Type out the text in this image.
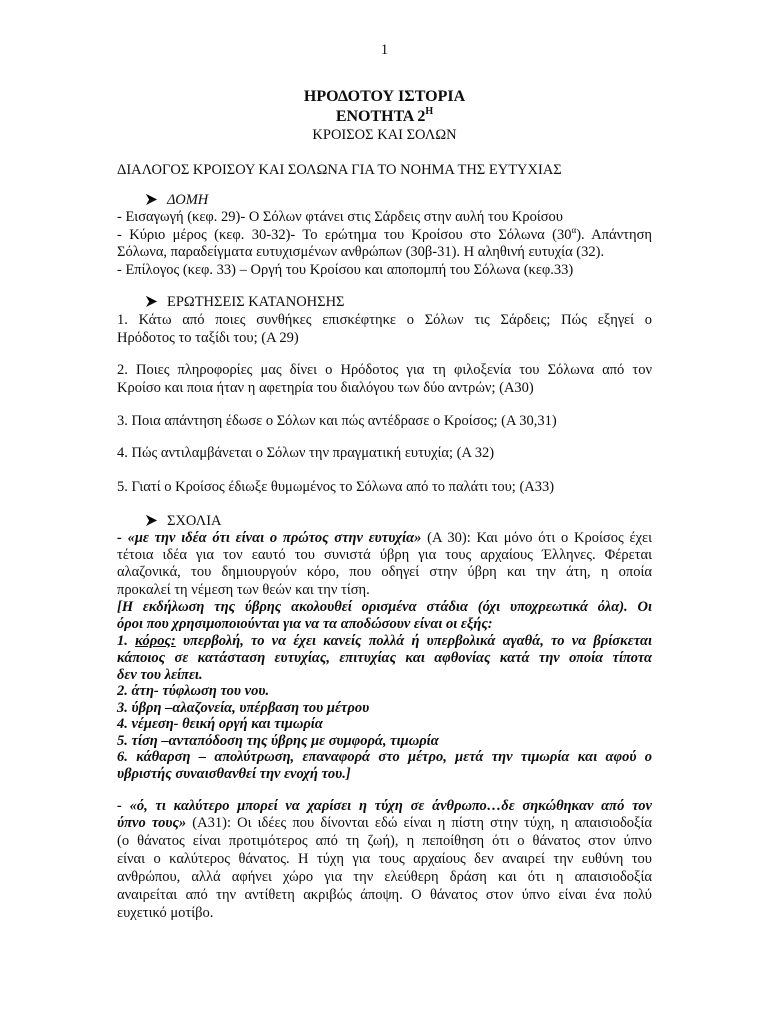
1
ΗΡΟΔΟΤΟΥ ΙΣΤΟΡΙΑ
ΕΝΟΤΗΤΑ $2^H$
ΚΡΟΙΣΟΣ ΚΑΙ ΣΟΛΩΝ
ΔΙΑΛΟΓΟΣ ΚΡΟΙΣΟΥ ΚΑΙ ΣΟΛΩΝΑ ΓΙΑ ΤΟ ΝΟΗΜΑ ΤΗΣ ΕΥΤΥΧΙΑΣ
ΔΟΜΗ
- Εισαγωγή (κεφ. 29)- Ο Σόλων φτάνει στις Σάρδεις στην αυλή του Κροίσου
- Κύριο μέρος (κεφ. 30-32)- Το ερώτημα του Κροίσου στο Σόλωνα $(30^\alpha)$. Απάντηση
Σόλωνα, παραδείγματα ευτυχισμένων ανθρώπων (30β-31). Η αληθινή ευτυχία (32).
- Επίλογος (κεφ. 33) – Οργή του Κροίσου και αποπομπή του Σόλωνα (κεφ.33)
ΕΡΩΤΗΣΕΙΣ ΚΑΤΑΝΟΗΣΗΣ
1. Κάτω από ποιες συνθήκες επισκέφτηκε ο Σόλων τις Σάρδεις; Πώς εξηγεί ο
Ηρόδοτος το ταξίδι του; (Α 29)
2. Ποιες πληροφορίες μας δίνει ο Ηρόδοτος για τη φιλοξενία του Σόλωνα από τον
Κροίσο και ποια ήταν η αφετηρία του διαλόγου των δύο αντρών; (Α30)
3. Ποια απάντηση έδωσε ο Σόλων και πώς αντέδρασε ο Κροίσος; (Α 30,31)
4. Πώς αντιλαμβάνεται ο Σόλων την πραγματική ευτυχία; (Α 32)
5. Γιατί ο Κροίσος έδιωξε θυμωμένος το Σόλωνα από το παλάτι του; (Α33)
ΣΧΟΛΙΑ
- «με την ιδέα ότι είναι ο πρώτος στην ευτυχία» (Α 30): Και μόνο ότι ο Κροίσος έχει
τέτοια ιδέα για τον εαυτό του συνιστά ύβρη για τους αρχαίους Έλληνες. Φέρεται
αλαζονικά, του δημιουργούν κόρο, που οδηγεί στην ύβρη και την άτη, η οποία
προκαλεί τη νέμεση των θεών και την τίση.
[Η εκδήλωση της ύβρης ακολουθεί ορισμένα στάδια (όχι υποχρεωτικά όλα). Οι
όροι που χρησιμοποιούνται για να τα αποδώσουν είναι οι εξής:
1. κόρος: υπερβολή, το να έχει κανείς πολλά ή υπερβολικά αγαθά, το να βρίσκεται
κάποιος σε κατάσταση ευτυχίας, επιτυχίας και αφθονίας κατά την οποία τίποτα
δεν του λείπει.
2. άτη- τύφλωση του νου.
3. ύβρη –αλαζονεία, υπέρβαση του μέτρου
4. νέμεση- θεική οργή και τιμωρία
5. τίση –ανταπόδοση της ύβρης με συμφορά, τιμωρία
6. κάθαρση – απολύτρωση, επαναφορά στο μέτρο, μετά την τιμωρία και αφού ο
υβριστής συναισθανθεί την ενοχή του.]
- «ό, τι καλύτερο μπορεί να χαρίσει η τύχη σε άνθρωπο…δε σηκώθηκαν από τον
ύπνο τους» (Α31): Οι ιδέες που δίνονται εδώ είναι η πίστη στην τύχη, η απαισιοδοξία
(ο θάνατος είναι προτιμότερος από τη ζωή), η πεποίθηση ότι ο θάνατος στον ύπνο
είναι ο καλύτερος θάνατος. Η τύχη για τους αρχαίους δεν αναιρεί την ευθύνη του
ανθρώπου, αλλά αφήνει χώρο για την ελεύθερη δράση και ότι η απαισιοδοξία
αναιρείται από την αντίθετη ακριβώς άποψη. Ο θάνατος στον ύπνο είναι ένα πολύ
ευχετικό μοτίβο.
